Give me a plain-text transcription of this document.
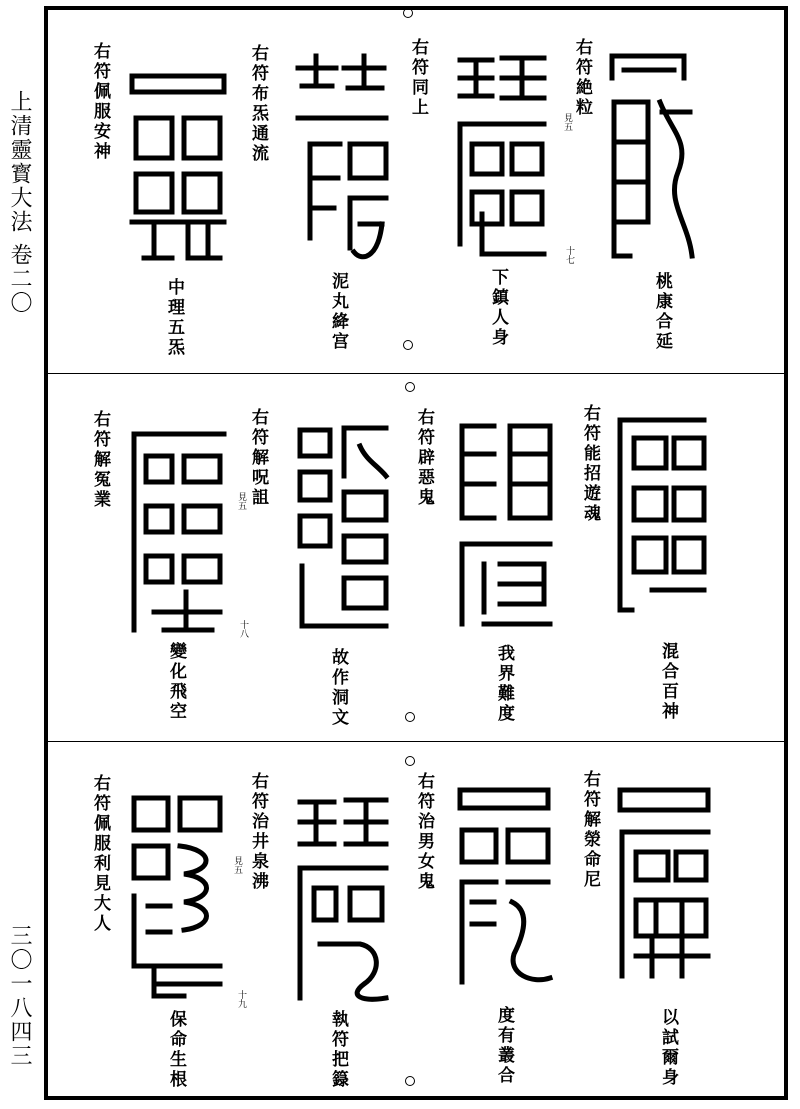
上清靈寳大法 卷二〇
三〇一八四三
右符絶粒
見五
十七
桃康合延
右符同上
下鎮人身
右符布炁通流
泥丸絳宫
右符佩服安神
中理五炁
右符能招遊魂
混合百神
右符辟惡鬼
我界難度
右符解呪詛
見五
十八
故作洞文
右符解冤業
變化飛空
右符解滎命尼
以試爾身
右符治男女鬼
度有叢合
右符治井泉沸
見五
十九
執符把籙
右符佩服利見大人
保命生根
